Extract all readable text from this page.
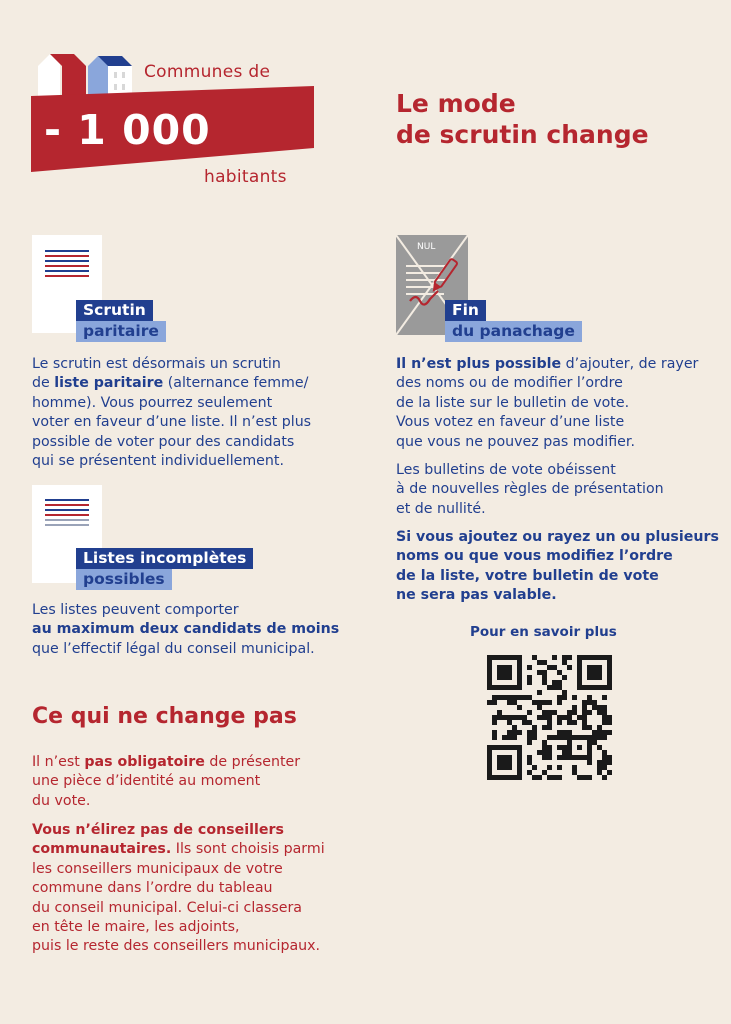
Communes de
- 1 000
habitants
Le mode
de scrutin change
Scrutin
paritaire
Le scrutin est désormais un scrutin
de liste paritaire (alternance femme/
homme). Vous pourrez seulement
voter en faveur d’une liste. Il n’est plus
possible de voter pour des candidats
qui se présentent individuellement.
Listes incomplètes
possibles
Les listes peuvent comporter
au maximum deux candidats de moins
que l’effectif légal du conseil municipal.
Ce qui ne change pas
Il n’est pas obligatoire de présenter
une pièce d’identité au moment
du vote.
Vous n’élirez pas de conseillers
communautaires. Ils sont choisis parmi
les conseillers municipaux de votre
commune dans l’ordre du tableau
du conseil municipal. Celui-ci classera
en tête le maire, les adjoints,
puis le reste des conseillers municipaux.
NUL
Fin
du panachage
Il n’est plus possible d’ajouter, de rayer
des noms ou de modifier l’ordre
de la liste sur le bulletin de vote.
Vous votez en faveur d’une liste
que vous ne pouvez pas modifier.
Les bulletins de vote obéissent
à de nouvelles règles de présentation
et de nullité.
Si vous ajoutez ou rayez un ou plusieurs
noms ou que vous modifiez l’ordre
de la liste, votre bulletin de vote
ne sera pas valable.
Pour en savoir plus
